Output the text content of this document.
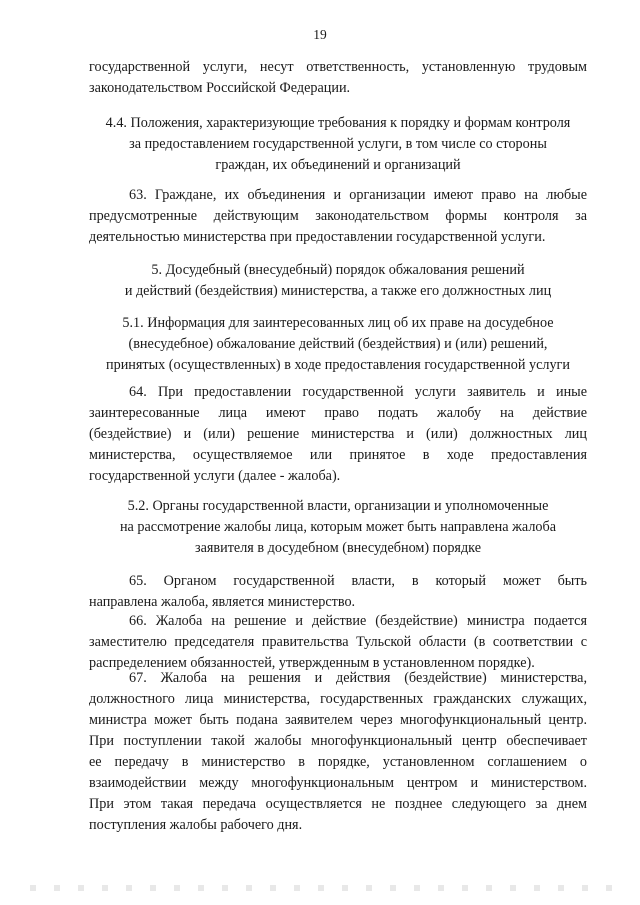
19
государственной услуги, несут ответственность, установленную трудовым
законодательством Российской Федерации.
4.4. Положения, характеризующие требования к порядку и формам контроля
за предоставлением государственной услуги, в том числе со стороны
граждан, их объединений и организаций
63. Граждане, их объединения и организации имеют право на любые
предусмотренные действующим законодательством формы контроля за
деятельностью министерства при предоставлении государственной услуги.
5. Досудебный (внесудебный) порядок обжалования решений
и действий (бездействия) министерства, а также его должностных лиц
5.1. Информация для заинтересованных лиц об их праве на досудебное
(внесудебное) обжалование действий (бездействия) и (или) решений,
принятых (осуществленных) в ходе предоставления государственной услуги
64. При предоставлении государственной услуги заявитель и иные
заинтересованные лица имеют право подать жалобу на действие
(бездействие) и (или) решение министерства и (или) должностных лиц
министерства, осуществляемое или принятое в ходе предоставления
государственной услуги (далее - жалоба).
5.2. Органы государственной власти, организации и уполномоченные
на рассмотрение жалобы лица, которым может быть направлена жалоба
заявителя в досудебном (внесудебном) порядке
65. Органом государственной власти, в который может быть
направлена жалоба, является министерство.
66. Жалоба на решение и действие (бездействие) министра подается
заместителю председателя правительства Тульской области (в соответствии с
распределением обязанностей, утвержденным в установленном порядке).
67. Жалоба на решения и действия (бездействие) министерства,
должностного лица министерства, государственных гражданских служащих,
министра может быть подана заявителем через многофункциональный центр.
При поступлении такой жалобы многофункциональный центр обеспечивает
ее передачу в министерство в порядке, установленном соглашением о
взаимодействии между многофункциональным центром и министерством.
При этом такая передача осуществляется не позднее следующего за днем
поступления жалобы рабочего дня.
